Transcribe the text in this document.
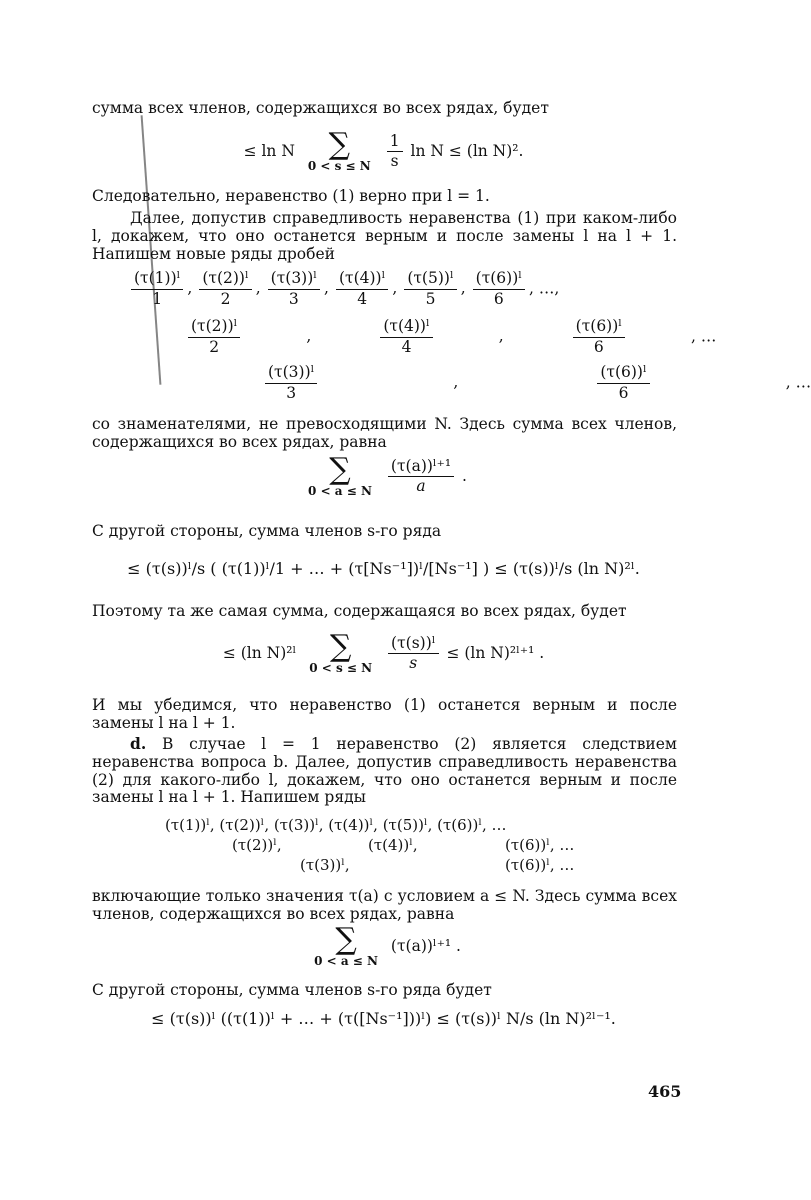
сумма всех членов, содержащихся во всех рядах, будет

≤ ln N	∑
0 < s ≤ N
$\frac{1}{s}$ ln N ≤ (ln N)².

Следовательно, неравенство (1) верно при l = 1.

Далее, допустив справедливость неравенства (1) при каком-либо l, докажем, что оно останется верным и после замены l на l + 1. Напишем новые ряды дробей

$\frac{\text{(τ(1))ˡ}}{1}$ , $\frac{\text{(τ(2))ˡ}}{2}$ , $\frac{\text{(τ(3))ˡ}}{3}$ , $\frac{\text{(τ(4))ˡ}}{4}$ , $\frac{\text{(τ(5))ˡ}}{5}$ , $\frac{\text{(τ(6))ˡ}}{6}$ , …,
$\frac{\text{(τ(2))ˡ}}{2}$	,	$\frac{\text{(τ(4))ˡ}}{4}$	,	$\frac{\text{(τ(6))ˡ}}{6}$	, …
$\frac{\text{(τ(3))ˡ}}{3}$	,	$\frac{\text{(τ(6))ˡ}}{6}$	, …

со знаменателями, не превосходящими N. Здесь сумма всех членов, содержащихся во всех рядах, равна

∑
0 < a ≤ N
$\frac{\text{(τ(a))ˡ⁺¹}}{a}$ .

С другой стороны, сумма членов s-го ряда

≤ (τ(s))ˡ/s ( (τ(1))ˡ/1 + … + (τ[Ns⁻¹])ˡ/[Ns⁻¹] ) ≤ (τ(s))ˡ/s (ln N)²ˡ.

Поэтому та же самая сумма, содержащаяся во всех рядах, будет

≤ (ln N)²ˡ	∑
0 < s ≤ N
$\frac{\text{(τ(s))ˡ}}{s} \le (\ln$ N)²ˡ⁺¹ .

И мы убедимся, что неравенство (1) останется верным и после замены l на l + 1.

d. В случае l = 1 неравенство (2) является следствием неравенства вопроса b. Далее, допустив справедливость неравенства (2) для какого-либо l, докажем, что оно останется верным и после замены l на l + 1. Напишем ряды

(τ(1))ˡ, (τ(2))ˡ, (τ(3))ˡ, (τ(4))ˡ, (τ(5))ˡ, (τ(6))ˡ, …
(τ(2))ˡ,	(τ(4))ˡ,	(τ(6))ˡ, …
(τ(3))ˡ,	(τ(6))ˡ, …

включающие только значения τ(a) с условием a ≤ N. Здесь сумма всех членов, содержащихся во всех рядах, равна

∑
0 < a ≤ N
(τ(a))ˡ⁺¹ .

С другой стороны, сумма членов s-го ряда будет

≤ (τ(s))ˡ ((τ(1))ˡ + … + (τ([Ns⁻¹]))ˡ) ≤ (τ(s))ˡ N/s (ln N)²ˡ⁻¹.
465
